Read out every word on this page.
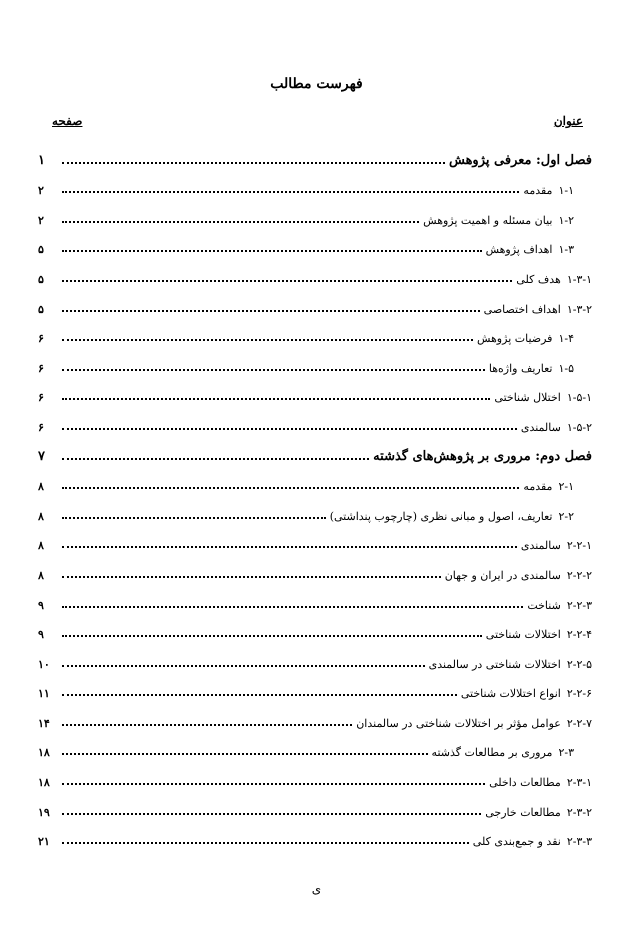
فهرست مطالب
عنوان
صفحه
فصل اول: معرفی پژوهش
۱
۱-۱
مقدمه
۲
۱-۲
بیان مسئله و اهمیت پژوهش
۲
۱-۳
اهداف پژوهش
۵
۱-۳-۱
هدف کلی
۵
۱-۳-۲
اهداف اختصاصی
۵
۱-۴
فرضیات پژوهش
۶
۱-۵
تعاریف واژه‌ها
۶
۱-۵-۱
اختلال شناختی
۶
۱-۵-۲
سالمندی
۶
فصل دوم: مروری بر پژوهش‌های گذشته
۷
۲-۱
مقدمه
۸
۲-۲
تعاریف، اصول و مبانی نظری (چارچوب پنداشتی)
۸
۲-۲-۱
سالمندی
۸
۲-۲-۲
سالمندی در ایران و جهان
۸
۲-۲-۳
شناخت
۹
۲-۲-۴
اختلالات شناختی
۹
۲-۲-۵
اختلالات شناختی در سالمندی
۱۰
۲-۲-۶
انواع اختلالات شناختی
۱۱
۲-۲-۷
عوامل مؤثر بر اختلالات شناختی در سالمندان
۱۴
۲-۳
مروری بر مطالعات گذشته
۱۸
۲-۳-۱
مطالعات داخلی
۱۸
۲-۳-۲
مطالعات خارجی
۱۹
۲-۳-۳
نقد و جمع‌بندی کلی
۲۱
ی
